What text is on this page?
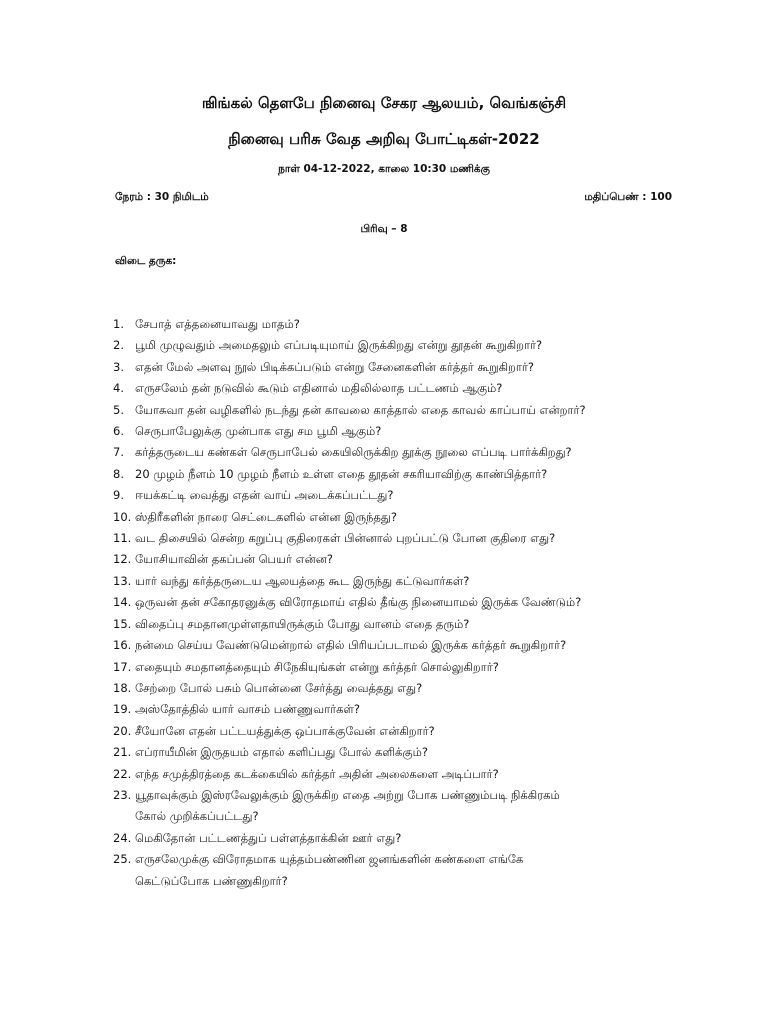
ஙிங்கல் தௌபே நினைவு சேகர ஆலயம், வெங்கஞ்சி
நினைவு பரிசு வேத அறிவு போட்டிகள்-2022
நாள் 04-12-2022, காலை 10:30 மணிக்கு
நேரம் : 30 நிமிடம்	மதிப்பெண் : 100
பிரிவு – 8
விடை தருக:
1. சேபாத் எத்தனையாவது மாதம்?
2. பூமி முழுவதும் அமைதலும் எப்படியுமாய் இருக்கிறது என்று தூதன் கூறுகிறார்?
3. எதன் மேல் அளவு நூல் பிடிக்கப்படும் என்று சேனைகளின் கர்த்தர் கூறுகிறார்?
4. எருசலேம் தன் நடுவில் கூடும் எதினால் மதிலில்லாத பட்டணம் ஆகும்?
5. யோசுவா தன் வழிகளில் நடந்து தன் காவலை காத்தால் எதை காவல் காப்பாய் என்றார்?
6. செருபாபேலுக்கு முன்பாக எது சம பூமி ஆகும்?
7. கர்த்தருடைய கண்கள் செருபாபேல் கையிலிருக்கிற தூக்கு நூலை எப்படி பார்க்கிறது?
8. 20 முழம் நீளம் 10 முழம் நீளம் உள்ள எதை தூதன் சகரியாவிற்கு காண்பித்தார்?
9. ஈயக்கட்டி வைத்து எதன் வாய் அடைக்கப்பட்டது?
10. ஸ்திரீகளின் நாரை செட்டைகளில் என்ன இருந்தது?
11. வட திசையில் சென்ற கறுப்பு குதிரைகள் பின்னால் புறப்பட்டு போன குதிரை எது?
12. யோசியாவின் தகப்பன் பெயர் என்ன?
13. யார் வந்து கர்த்தருடைய ஆலயத்தை கூட இருந்து கட்டுவார்கள்?
14. ஒருவன் தன் சகோதரனுக்கு விரோதமாய் எதில் தீங்கு நினையாமல் இருக்க வேண்டும்?
15. விதைப்பு சமதானமுள்ளதாயிருக்கும் போது வானம் எதை தரும்?
16. நன்மை செய்ய வேண்டுமென்றால் எதில் பிரியப்படாமல் இருக்க கர்த்தர் கூறுகிறார்?
17. எதையும் சமதானத்தையும் சிநேகியுங்கள் என்று கர்த்தர் சொல்லுகிறார்?
18. சேற்றை போல் பசும் பொன்னை சேர்த்து வைத்தது எது?
19. அஸ்தோத்தில் யார் வாசம் பண்ணுவார்கள்?
20. சீயோனே எதன் பட்டயத்துக்கு ஒப்பாக்குவேன் என்கிறார்?
21. எப்ராயீமின் இருதயம் எதால் களிப்பது போல் களிக்கும்?
22. எந்த சமுத்திரத்தை கடக்கையில் கர்த்தர் அதின் அலைகளை அடிப்பார்?
23. யூதாவுக்கும் இஸ்ரவேலுக்கும் இருக்கிற எதை அற்று போக பண்ணும்படி நிக்கிரகம்
கோல் முறிக்கப்பட்டது?
24. மெகிதோன் பட்டணத்துப் பள்ளத்தாக்கின் ஊர் எது?
25. எருசலேமுக்கு விரோதமாக யுத்தம்பண்ணின ஜனங்களின் கண்களை எங்கே
கெட்டுப்போக பண்ணுகிறார்?
